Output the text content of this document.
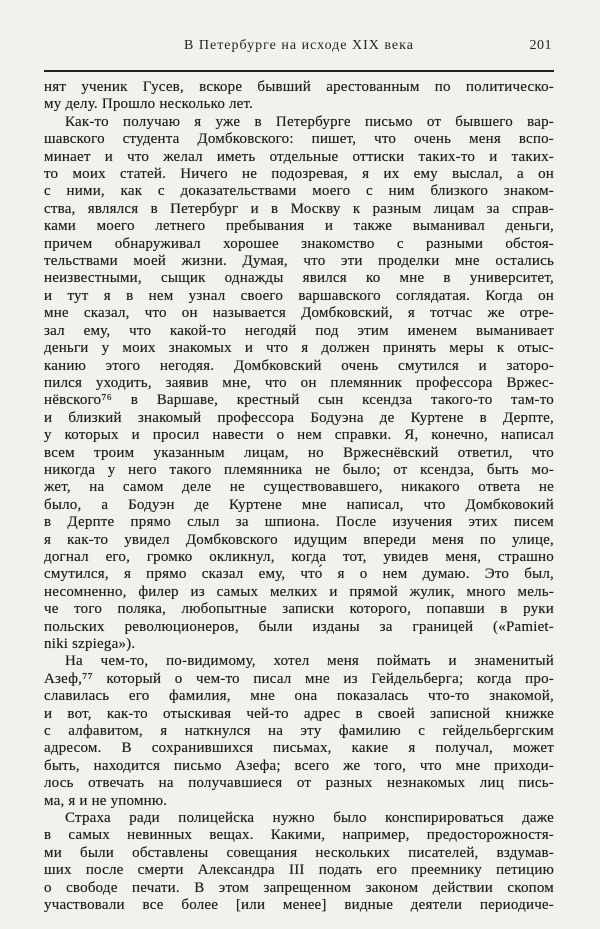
В Петербурге на исходе XIX века	201
нят ученик Гусев, вскоре бывший арестованным по политическо-
му делу. Прошло несколько лет.
Как-то получаю я уже в Петербурге письмо от бывшего вар-
шавского студента Домбковского: пишет, что очень меня вспо-
минает и что желал иметь отдельные оттиски таких-то и таких-
то моих статей. Ничего не подозревая, я их ему выслал, а он
с ними, как с доказательствами моего с ним близкого знаком-
ства, являлся в Петербург и в Москву к разным лицам за справ-
ками моего летнего пребывания и также выманивал деньги,
причем обнаруживал хорошее знакомство с разными обстоя-
тельствами моей жизни. Думая, что эти проделки мне остались
неизвестными, сыщик однажды явился ко мне в университет,
и тут я в нем узнал своего варшавского соглядатая. Когда он
мне сказал, что он называется Домбковский, я тотчас же отре-
зал ему, что какой-то негодяй под этим именем выманивает
деньги у моих знакомых и что я должен принять меры к отыс-
канию этого негодяя. Домбковский очень смутился и заторо-
пился уходить, заявив мне, что он племянник профессора Вржес-
нёвского⁷⁶ в Варшаве, крестный сын ксендза такого-то там-то
и близкий знакомый профессора Бодуэна де Куртене в Дерпте,
у которых и просил навести о нем справки. Я, конечно, написал
всем троим указанным лицам, но Вржеснёвский ответил, что
никогда у него такого племянника не было; от ксендза, быть мо-
жет, на самом деле не существовавшего, никакого ответа не
было, а Бодуэн де Куртене мне написал, что Домбковокий
в Дерпте прямо слыл за шпиона. После изучения этих писем
я как-то увидел Домбковского идущим впереди меня по улице,
догнал его, громко окликнул, когда тот, увидев меня, страшно
смутился, я прямо сказал ему, что́ я о нем думаю. Это был,
несомненно, филер из самых мелких и прямой жулик, много мель-
че того поляка, любопытные записки которого, попавши в руки
польских революционеров, были изданы за границей («Pamiet-
niki szpiega»).
На чем-то, по-видимому, хотел меня поймать и знаменитый
Азеф,⁷⁷ который о чем-то писал мне из Гейдельберга; когда про-
славилась его фамилия, мне она показалась что-то знакомой,
и вот, как-то отыскивая чей-то адрес в своей записной книжке
с алфавитом, я наткнулся на эту фамилию с гейдельбергским
адресом. В сохранившихся письмах, какие я получал, может
быть, находится письмо Азефа; всего же того, что мне приходи-
лось отвечать на получавшиеся от разных незнакомых лиц пись-
ма, я и не упомню.
Страха ради полицейска нужно было конспирироваться даже
в самых невинных вещах. Какими, например, предосторожностя-
ми были обставлены совещания нескольких писателей, вздумав-
ших после смерти Александра III подать его преемнику петицию
о свободе печати. В этом запрещенном законом действии скопом
участвовали все более [или менее] видные деятели периодиче-
